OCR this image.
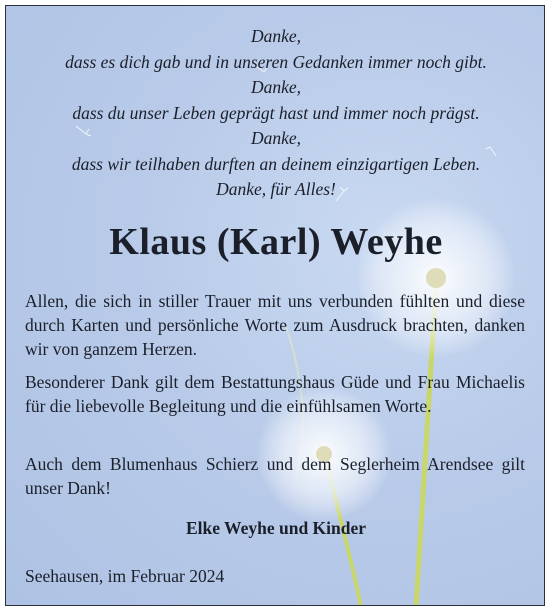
Danke,
dass es dich gab und in unseren Gedanken immer noch gibt.
Danke,
dass du unser Leben geprägt hast und immer noch prägst.
Danke,
dass wir teilhaben durften an deinem einzigartigen Leben.
Danke, für Alles!
Klaus (Karl) Weyhe
Allen, die sich in stiller Trauer mit uns verbunden fühlten und diese durch Karten und persönliche Worte zum Ausdruck brachten, danken wir von ganzem Herzen.
Besonderer Dank gilt dem Bestattungshaus Güde und Frau Michaelis für die liebevolle Begleitung und die einfühlsamen Worte.
Auch dem Blumenhaus Schierz und dem Seglerheim Arendsee gilt unser Dank!
Elke Weyhe und Kinder
Seehausen, im Februar 2024
